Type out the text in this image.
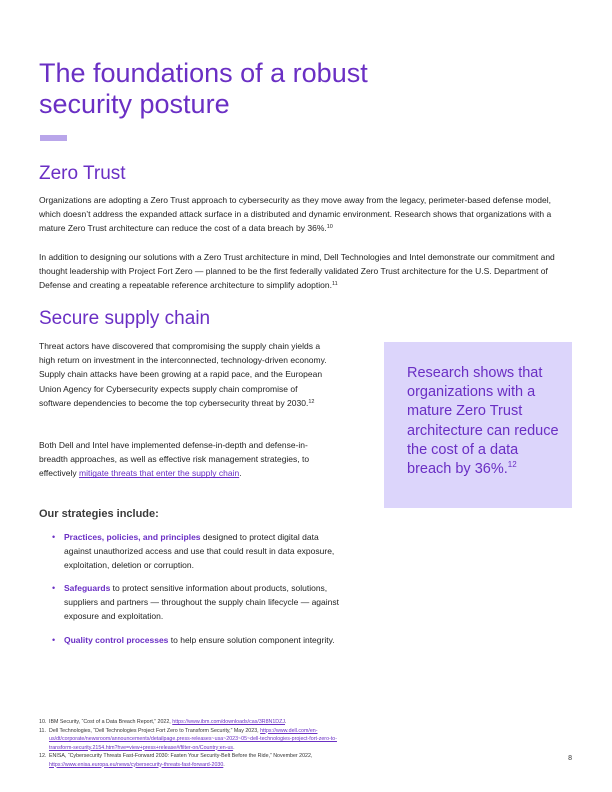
The foundations of a robust security posture
Zero Trust

Organizations are adopting a Zero Trust approach to cybersecurity as they move away from the legacy, perimeter-based defense model, which doesn’t address the expanded attack surface in a distributed and dynamic environment. Research shows that organizations with a mature Zero Trust architecture can reduce the cost of a data breach by 36%.$^{10}$

In addition to designing our solutions with a Zero Trust architecture in mind, Dell Technologies and Intel demonstrate our commitment and thought leadership with Project Fort Zero — planned to be the first federally validated Zero Trust architecture for the U.S. Department of Defense and creating a repeatable reference architecture to simplify adoption.$^{11}$

Secure supply chain

Threat actors have discovered that compromising the supply chain yields a high return on investment in the interconnected, technology-driven economy. Supply chain attacks have been growing at a rapid pace, and the European Union Agency for Cybersecurity expects supply chain compromise of software dependencies to become the top cybersecurity threat by 2030.12

Both Dell and Intel have implemented defense-in-depth and defense-in-breadth approaches, as well as effective risk management strategies, to effectively mitigate threats that enter the supply chain.

Our strategies include:
• Practices, policies, and principles designed to protect digital data against unauthorized access and use that could result in data exposure, exploitation, deletion or corruption.
• Safeguards to protect sensitive information about products, solutions, suppliers and partners — throughout the supply chain lifecycle — against exposure and exploitation.
• Quality control processes to help ensure solution component integrity.

Research shows that organizations with a mature Zero Trust architecture can reduce the cost of a data breach by 36%.$^{12}$

10. IBM Security, “Cost of a Data Breach Report,” 2022, https://www.ibm.com/downloads/cas/3R8N1DZJ.
11. Dell Technologies, “Dell Technologies Project Fort Zero to Transform Security,” May 2023, https://www.dell.com/en-us/dt/corporate/newsroom/announcements/detailpage.press-releases~usa~2023~05~dell-technologies-project-fort-zero-to-transform-security.2154.htm?hve=view+press+release#/filter-on/Country:en-us.
12. ENISA, “Cybersecurity Threats Fast-Forward 2030: Fasten Your Security-Belt Before the Ride,” November 2022, https://www.enisa.europa.eu/news/cybersecurity-threats-fast-forward-2030.
8
